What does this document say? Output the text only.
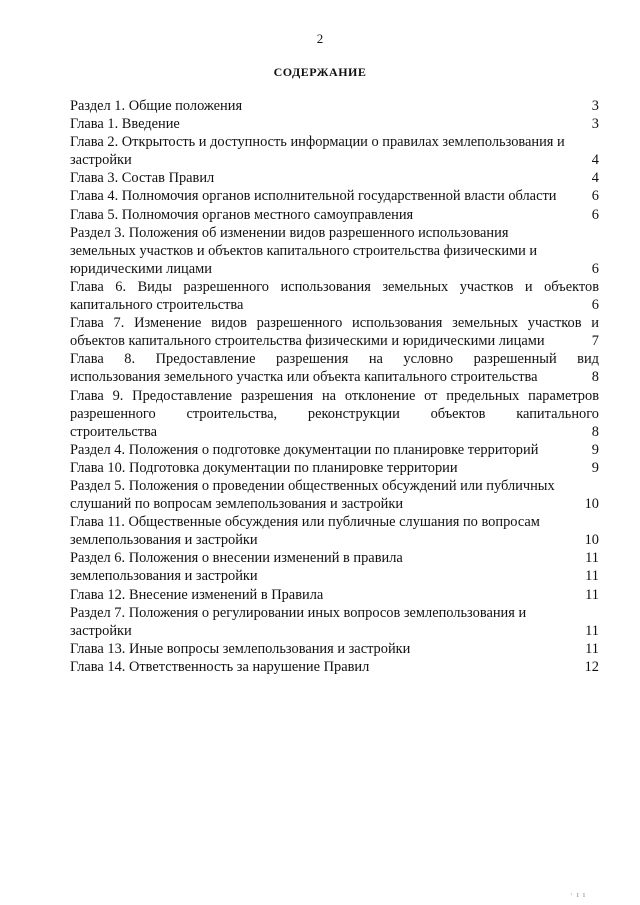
2
СОДЕРЖАНИЕ
Раздел 1. Общие положения	3
Глава 1. Введение	3
Глава 2. Открытость и доступность информации о правилах землепользования и
застройки	4
Глава 3. Состав Правил	4
Глава 4. Полномочия органов исполнительной государственной власти области 6
Глава 5. Полномочия органов местного самоуправления	6
Раздел 3. Положения об изменении видов разрешенного использования
земельных участков и объектов капитального строительства физическими и
юридическими лицами	6
Глава 6. Виды разрешенного использования земельных участков и объектов
капитального строительства	6
Глава 7. Изменение видов разрешенного использования земельных участков и
объектов капитального строительства физическими и юридическими лицами	7
Глава 8. Предоставление разрешения на условно разрешенный вид
использования земельного участка или объекта капитального строительства	8
Глава 9. Предоставление разрешения на отклонение от предельных параметров
разрешенного строительства, реконструкции объектов капитального
строительства	8
Раздел 4. Положения о подготовке документации по планировке территорий	9
Глава 10. Подготовка документации по планировке территории	9
Раздел 5. Положения о проведении общественных обсуждений или публичных
слушаний по вопросам землепользования и застройки	10
Глава 11. Общественные обсуждения или публичные слушания по вопросам
землепользования и застройки	10
Раздел 6. Положения о внесении изменений в правила	11
землепользования и застройки	11
Глава 12. Внесение изменений в Правила	11
Раздел 7. Положения о регулировании иных вопросов землепользования и
застройки	11
Глава 13. Иные вопросы землепользования и застройки	11
Глава 14. Ответственность за нарушение Правил	12
· ı ı
